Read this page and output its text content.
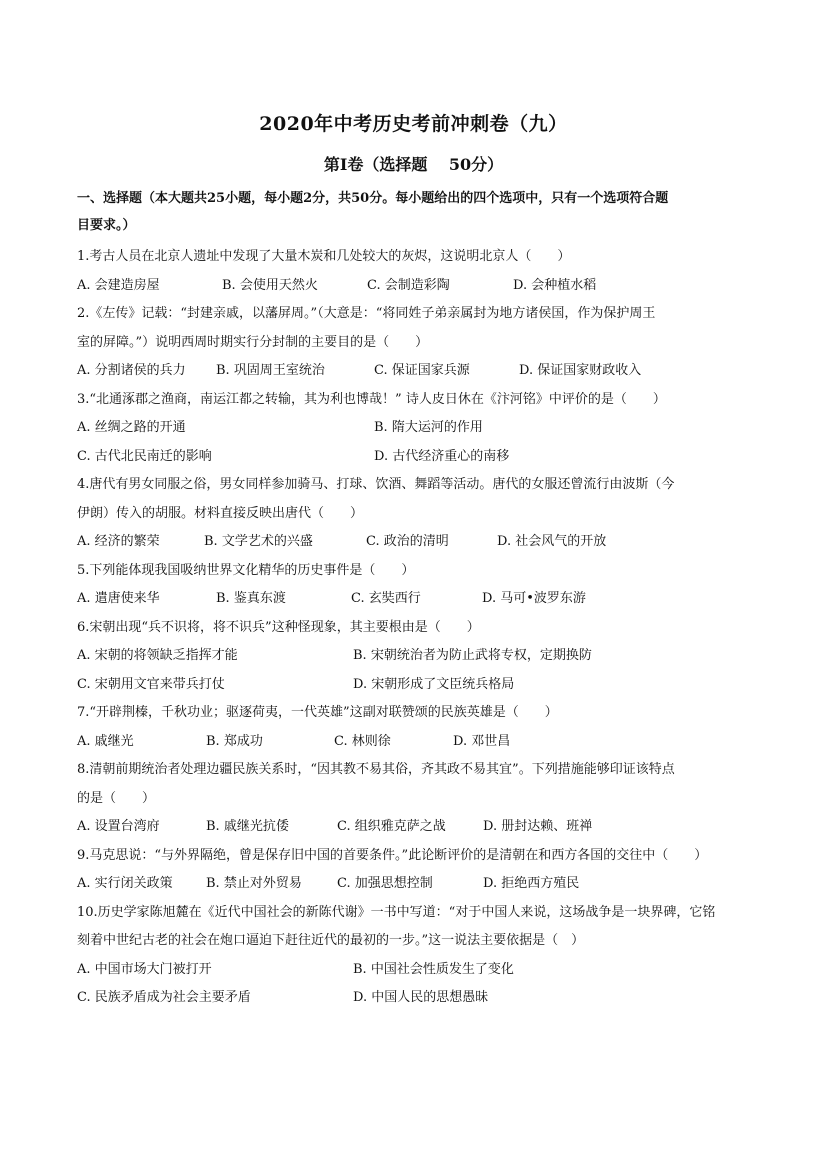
2020年中考历史考前冲刺卷（九）
第Ⅰ卷（选择题　 50分）
一、选择题（本大题共25小题，每小题2分，共50分。每小题给出的四个选项中，只有一个选项符合题
目要求。）
1.考古人员在北京人遗址中发现了大量木炭和几处较大的灰烬，这说明北京人（　　）
A. 会建造房屋	B. 会使用天然火	C. 会制造彩陶	D. 会种植水稻
2.《左传》记载：“封建亲戚，以藩屏周。”（大意是：“将同姓子弟亲属封为地方诸侯国，作为保护周王
室的屏障。”）说明西周时期实行分封制的主要目的是（　　）
A. 分割诸侯的兵力	B. 巩固周王室统治	C. 保证国家兵源	D. 保证国家财政收入
3.“北通涿郡之渔商，南运江都之转输，其为利也博哉！” 诗人皮日休在《汴河铭》中评价的是（　　）
A. 丝绸之路的开通	B. 隋大运河的作用
C. 古代北民南迁的影响	D. 古代经济重心的南移
4.唐代有男女同服之俗，男女同样参加骑马、打球、饮酒、舞蹈等活动。唐代的女服还曾流行由波斯（今
伊朗）传入的胡服。材料直接反映出唐代（　　）
A. 经济的繁荣	B. 文学艺术的兴盛	C. 政治的清明	D. 社会风气的开放
5.下列能体现我国吸纳世界文化精华的历史事件是（　　）
A. 遣唐使来华	B. 鉴真东渡	C. 玄奘西行	D. 马可•波罗东游
6.宋朝出现“兵不识将，将不识兵”这种怪现象，其主要根由是（　　）
A. 宋朝的将领缺乏指挥才能	B. 宋朝统治者为防止武将专权，定期换防
C. 宋朝用文官来带兵打仗	D. 宋朝形成了文臣统兵格局
7.“开辟荆榛，千秋功业；驱逐荷夷，一代英雄”这副对联赞颂的民族英雄是（　　）
A. 戚继光	B. 郑成功	C. 林则徐	D. 邓世昌
8.清朝前期统治者处理边疆民族关系时，“因其教不易其俗，齐其政不易其宜”。下列措施能够印证该特点
的是（　　）
A. 设置台湾府	B. 戚继光抗倭	C. 组织雅克萨之战	D. 册封达赖、班禅
9.马克思说：“与外界隔绝，曾是保存旧中国的首要条件。”此论断评价的是清朝在和西方各国的交往中（　　）
A. 实行闭关政策	B. 禁止对外贸易	C. 加强思想控制	D. 拒绝西方殖民
10.历史学家陈旭麓在《近代中国社会的新陈代谢》一书中写道：“对于中国人来说，这场战争是一块界碑，它铭
刻着中世纪古老的社会在炮口逼迫下赶往近代的最初的一步。”这一说法主要依据是（　）
A. 中国市场大门被打开	B. 中国社会性质发生了变化
C. 民族矛盾成为社会主要矛盾	D. 中国人民的思想愚昧
